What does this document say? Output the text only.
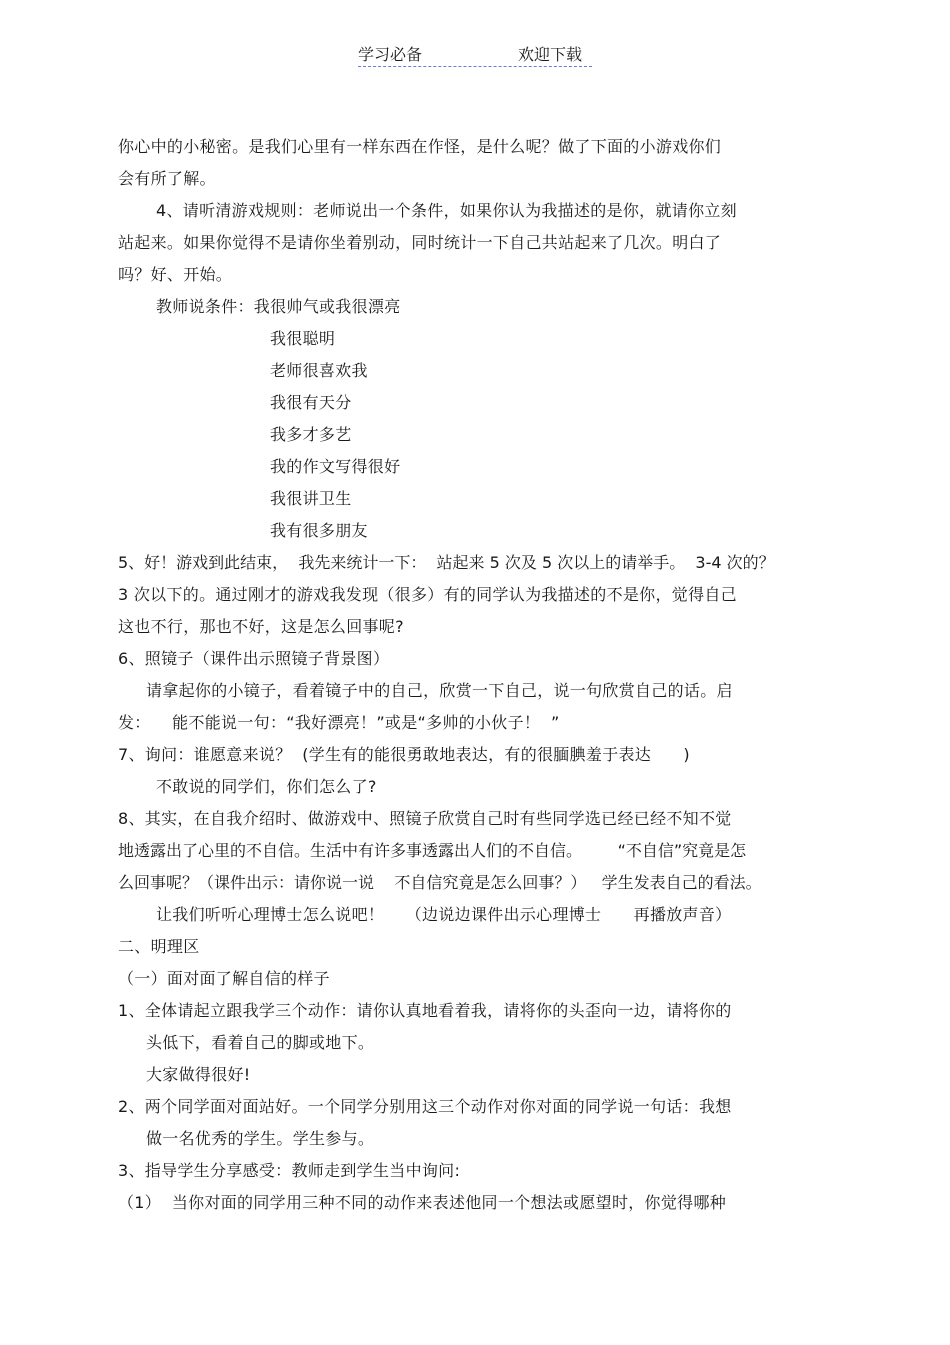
学习必备	欢迎下载
你心中的小秘密。是我们心里有一样东西在作怪，是什么呢？做了下面的小游戏你们
会有所了解。
4、请听清游戏规则：老师说出一个条件，如果你认为我描述的是你，就请你立刻
站起来。如果你觉得不是请你坐着别动，同时统计一下自己共站起来了几次。明白了
吗？好、开始。
教师说条件：我很帅气或我很漂亮
我很聪明
老师很喜欢我
我很有天分
我多才多艺
我的作文写得很好
我很讲卫生
我有很多朋友
5、好！游戏到此结束，  我先来统计一下：  站起来 5 次及 5 次以上的请举手。  3-4 次的？
3 次以下的。通过刚才的游戏我发现（很多）有的同学认为我描述的不是你，觉得自己
这也不行，那也不好，这是怎么回事呢?
6、照镜子（课件出示照镜子背景图）
请拿起你的小镜子，看着镜子中的自己，欣赏一下自己，说一句欣赏自己的话。启
发：    能不能说一句：“我好漂亮！”或是“多帅的小伙子！  ”
7、询问：谁愿意来说？  (学生有的能很勇敢地表达，有的很腼腆羞于表达      )
不敢说的同学们，你们怎么了?
8、其实，在自我介绍时、做游戏中、照镜子欣赏自己时有些同学选已经已经不知不觉
地透露出了心里的不自信。生活中有许多事透露出人们的不自信。       “不自信”究竟是怎
么回事呢？（课件出示：请你说一说    不自信究竟是怎么回事？）   学生发表自己的看法。
让我们听听心理博士怎么说吧！    （边说边课件出示心理博士      再播放声音）
二、明理区
（一）面对面了解自信的样子
1、全体请起立跟我学三个动作：请你认真地看着我，请将你的头歪向一边，请将你的
头低下，看着自己的脚或地下。
大家做得很好!
2、两个同学面对面站好。一个同学分别用这三个动作对你对面的同学说一句话：我想
做一名优秀的学生。学生参与。
3、指导学生分享感受：教师走到学生当中询问:
（1）  当你对面的同学用三种不同的动作来表述他同一个想法或愿望时，你觉得哪种
